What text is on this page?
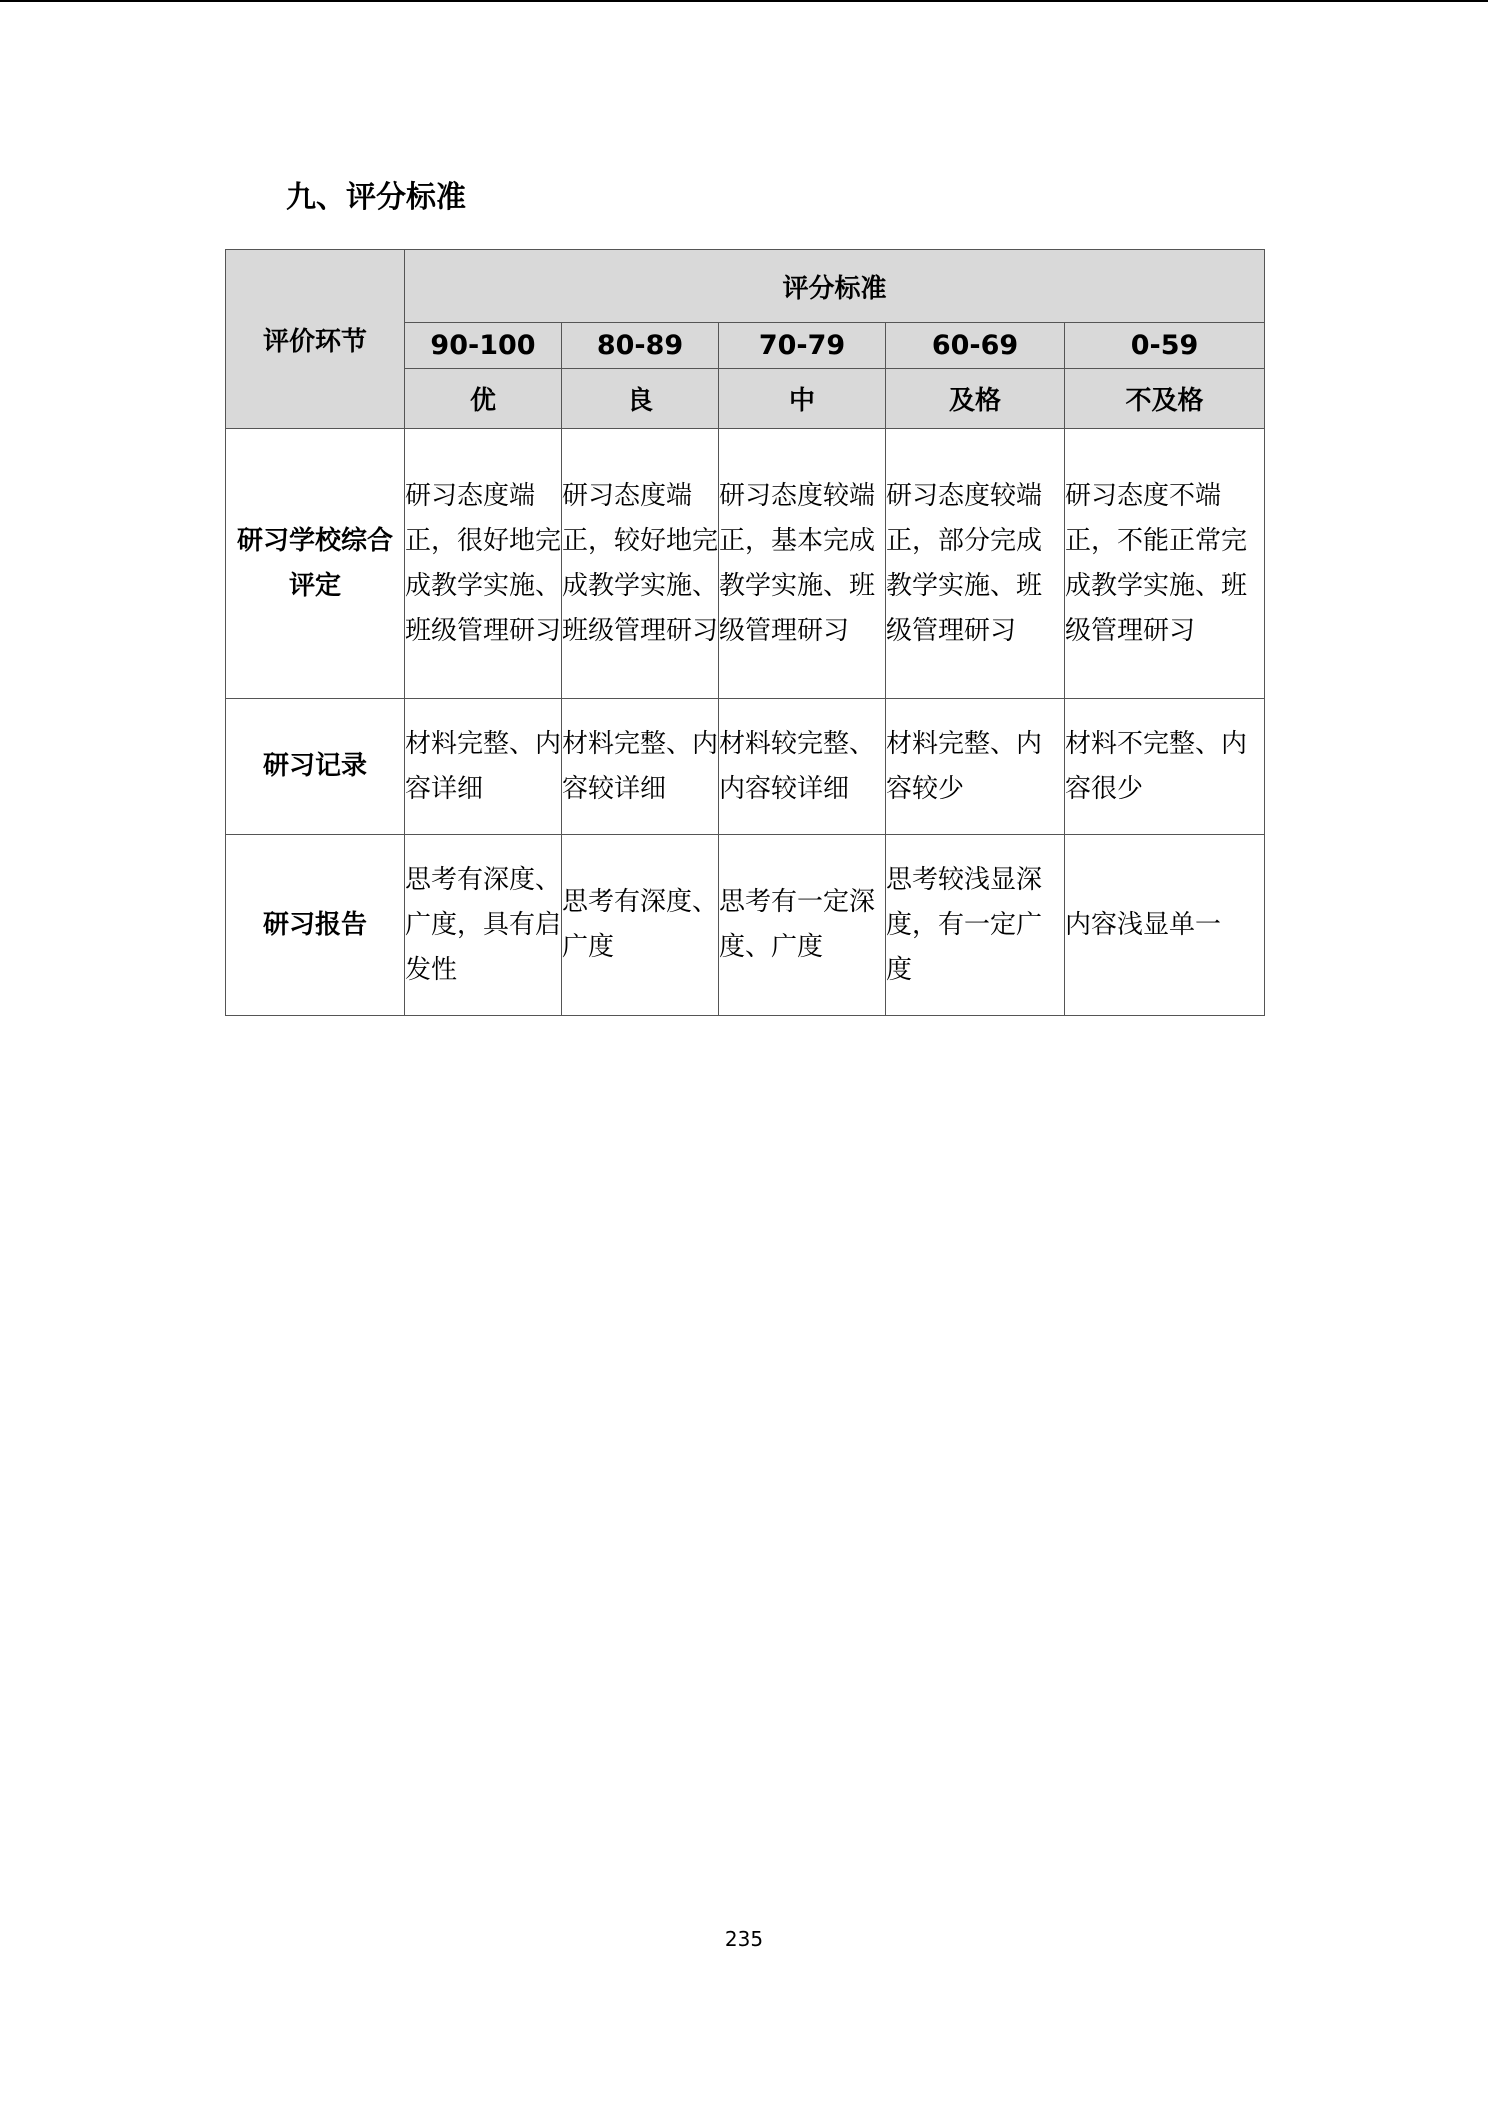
九、评分标准
评价环节	评分标准				
	90-100	80-89	70-79	60-69	0-59
	优	良	中	及格	不及格
研习学校综合评定	研习态度端正，很好地完成教学实施、班级管理研习	研习态度端正，较好地完成教学实施、班级管理研习	研习态度较端正，基本完成教学实施、班级管理研习	研习态度较端正，部分完成教学实施、班级管理研习	研习态度不端正，不能正常完成教学实施、班级管理研习
研习记录	材料完整、内容详细	材料完整、内容较详细	材料较完整、内容较详细	材料完整、内容较少	材料不完整、内容很少
研习报告	思考有深度、广度，具有启发性	思考有深度、广度	思考有一定深度、广度	思考较浅显深度，有一定广度	内容浅显单一
235
